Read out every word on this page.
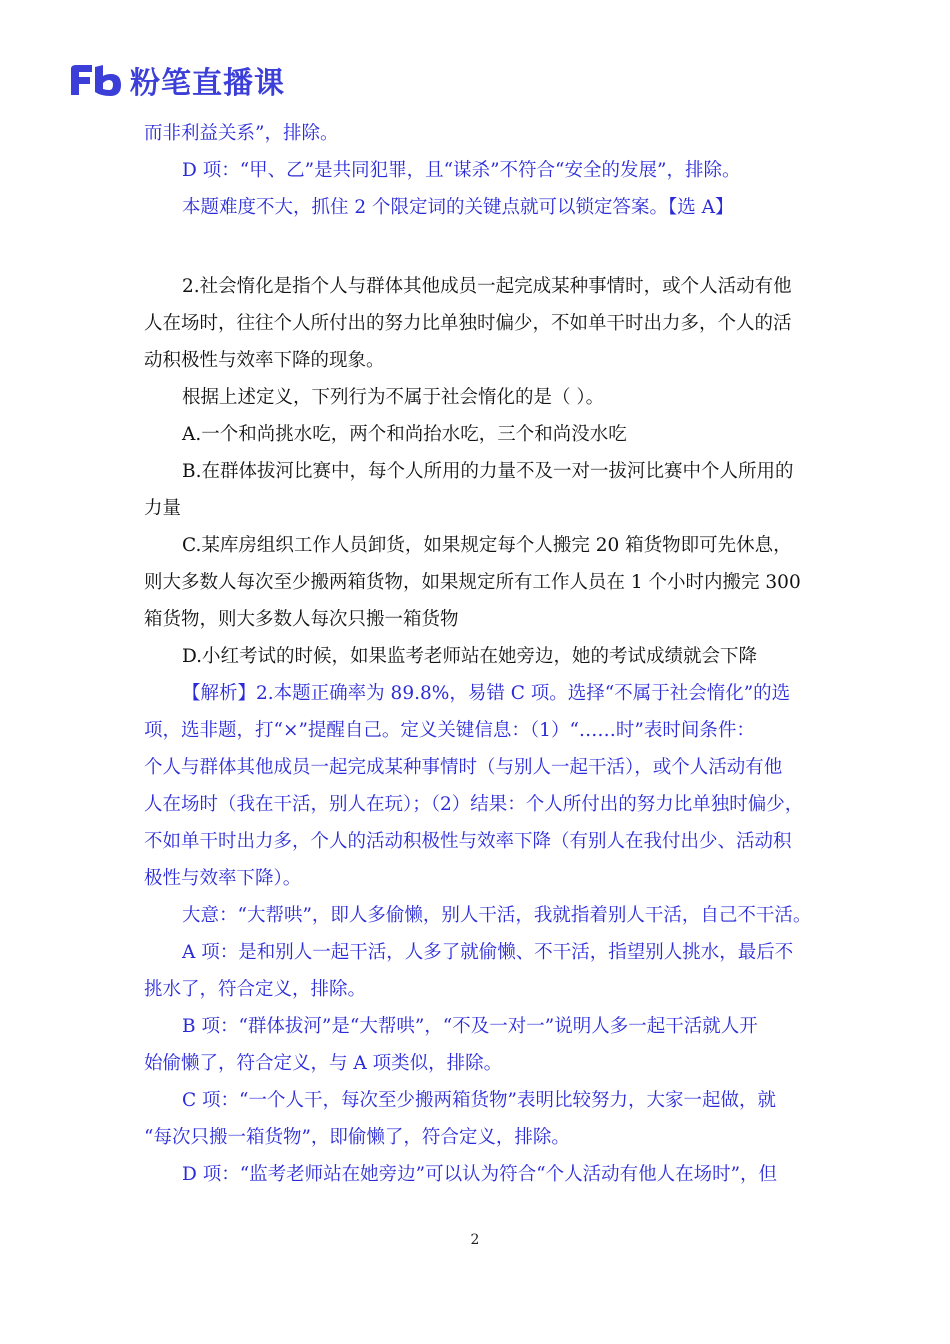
粉笔直播课
而非利益关系”，排除。
D 项：“甲、乙”是共同犯罪，且“谋杀”不符合“安全的发展”，排除。
本题难度不大，抓住 2 个限定词的关键点就可以锁定答案。【选 A】
2.社会惰化是指个人与群体其他成员一起完成某种事情时，或个人活动有他
人在场时，往往个人所付出的努力比单独时偏少，不如单干时出力多，个人的活
动积极性与效率下降的现象。
根据上述定义，下列行为不属于社会惰化的是（ ）。
A.一个和尚挑水吃，两个和尚抬水吃，三个和尚没水吃
B.在群体拔河比赛中，每个人所用的力量不及一对一拔河比赛中个人所用的
力量
C.某库房组织工作人员卸货，如果规定每个人搬完 20 箱货物即可先休息，
则大多数人每次至少搬两箱货物，如果规定所有工作人员在 1 个小时内搬完 300
箱货物，则大多数人每次只搬一箱货物
D.小红考试的时候，如果监考老师站在她旁边，她的考试成绩就会下降
【解析】2.本题正确率为 89.8%，易错 C 项。选择“不属于社会惰化”的选
项，选非题，打“×”提醒自己。定义关键信息：（1）“……时”表时间条件：
个人与群体其他成员一起完成某种事情时（与别人一起干活），或个人活动有他
人在场时（我在干活，别人在玩）；（2）结果：个人所付出的努力比单独时偏少，
不如单干时出力多，个人的活动积极性与效率下降（有别人在我付出少、活动积
极性与效率下降）。
大意：“大帮哄”，即人多偷懒，别人干活，我就指着别人干活，自己不干活。
A 项：是和别人一起干活，人多了就偷懒、不干活，指望别人挑水，最后不
挑水了，符合定义，排除。
B 项：“群体拔河”是“大帮哄”，“不及一对一”说明人多一起干活就人开
始偷懒了，符合定义，与 A 项类似，排除。
C 项：“一个人干，每次至少搬两箱货物”表明比较努力，大家一起做，就
“每次只搬一箱货物”，即偷懒了，符合定义，排除。
D 项：“监考老师站在她旁边”可以认为符合“个人活动有他人在场时”，但
2
